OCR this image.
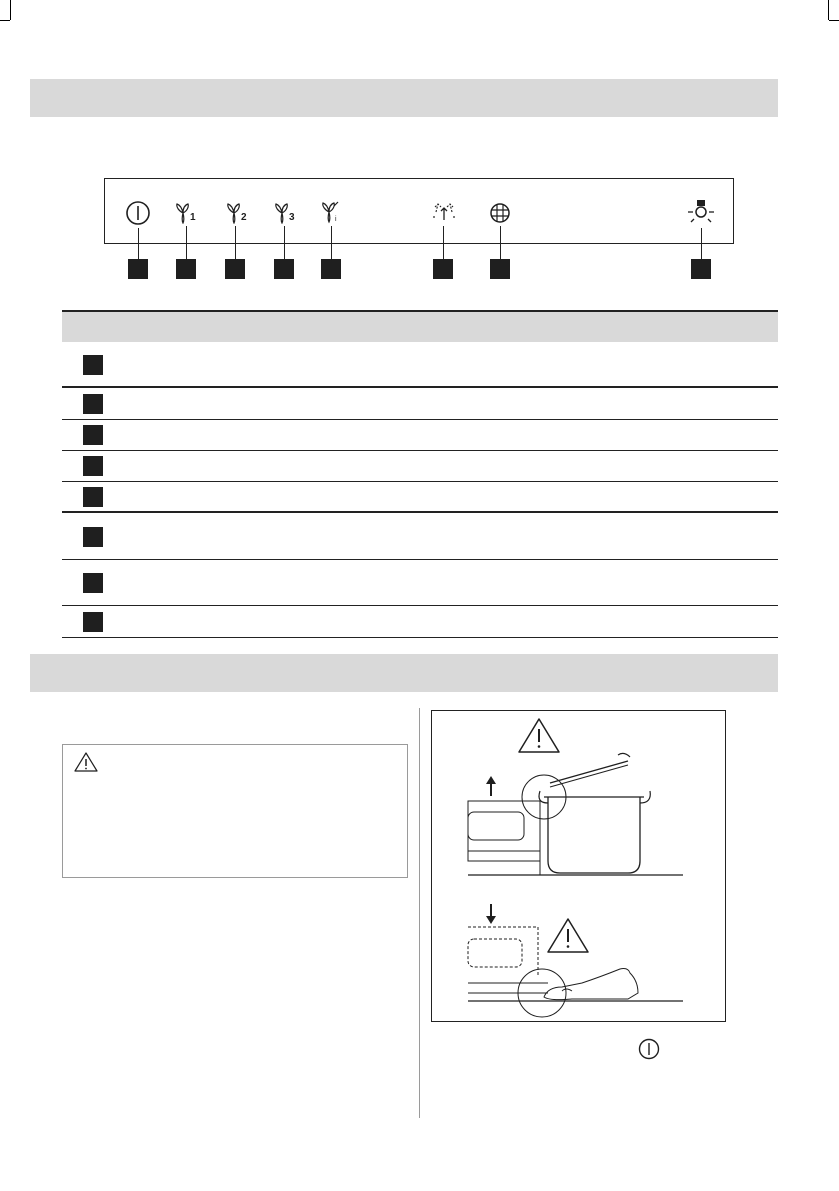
1	2	3	i
